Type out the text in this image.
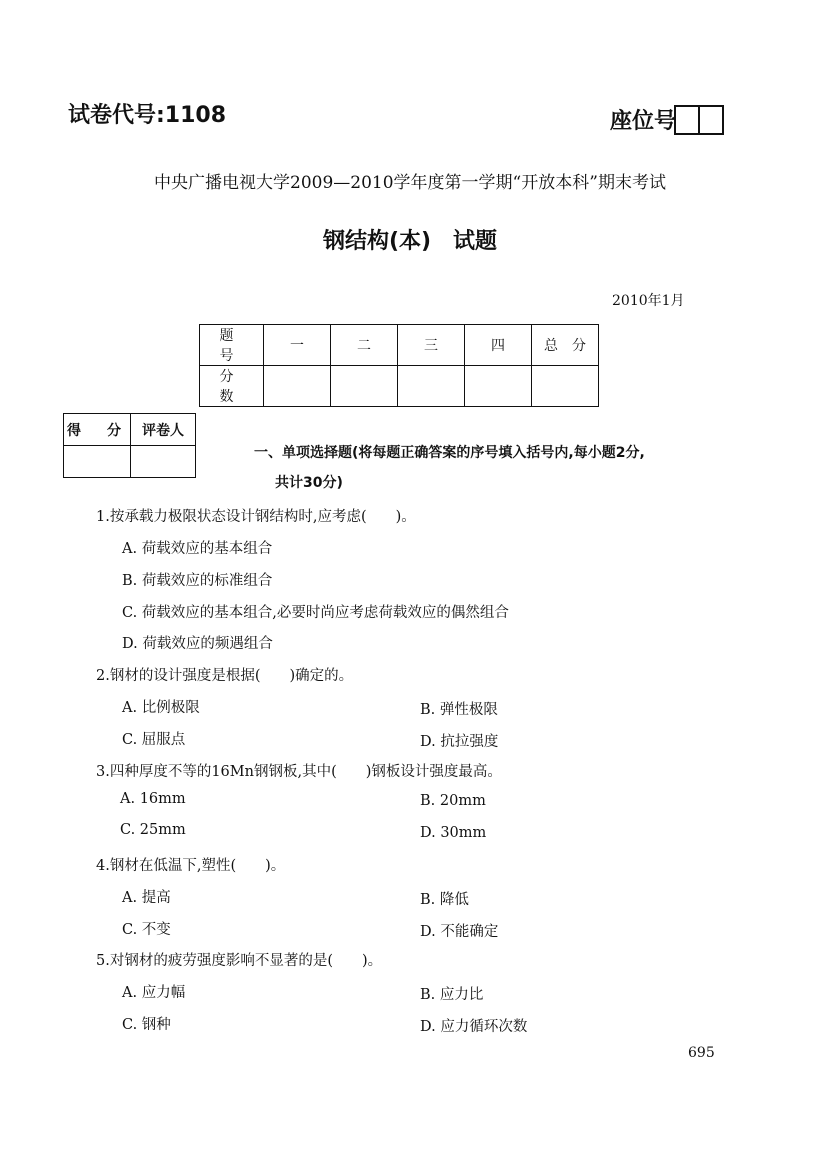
试卷代号:1108	座位号
中央广播电视大学2009—2010学年度第一学期“开放本科”期末考试
钢结构(本)　试题
2010年1月
题　号	一	二	三	四	总　分
分　数					
得　分	评卷人

一、单项选择题(将每题正确答案的序号填入括号内,每小题2分,
共计30分)
1.按承载力极限状态设计钢结构时,应考虑(　　)。
A. 荷载效应的基本组合
B. 荷载效应的标准组合
C. 荷载效应的基本组合,必要时尚应考虑荷载效应的偶然组合
D. 荷载效应的频遇组合
2.钢材的设计强度是根据(　　)确定的。
A. 比例极限	B. 弹性极限
C. 屈服点	D. 抗拉强度
3.四种厚度不等的16Mn钢钢板,其中(　　)钢板设计强度最高。
A. 16mm	B. 20mm
C. 25mm	D. 30mm
4.钢材在低温下,塑性(　　)。
A. 提高	B. 降低
C. 不变	D. 不能确定
5.对钢材的疲劳强度影响不显著的是(　　)。
A. 应力幅	B. 应力比
C. 钢种	D. 应力循环次数
695
